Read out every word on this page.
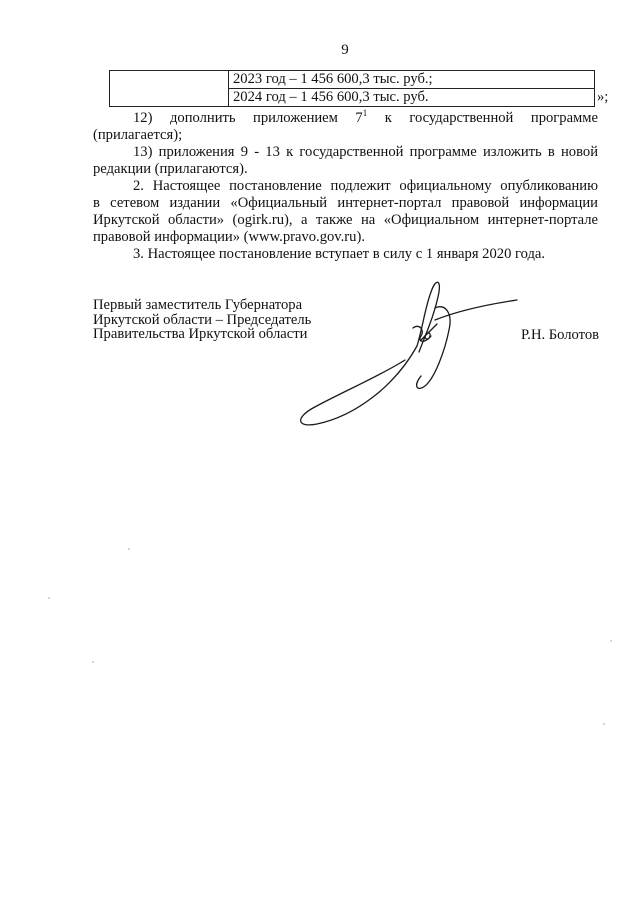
9
	2023 год – 1 456 600,3 тыс. руб.;
2024 год – 1 456 600,3 тыс. руб.	»;
12) дополнить приложением $7^1$ к государственной программе
(прилагается);
13) приложения 9 - 13 к государственной программе изложить в новой
редакции (прилагаются).
2. Настоящее постановление подлежит официальному опубликованию
в сетевом издании «Официальный интернет-портал правовой информации
Иркутской области» (ogirk.ru), а также на «Официальном интернет-портале
правовой информации» (www.pravo.gov.ru).
3. Настоящее постановление вступает в силу с 1 января 2020 года.
Первый заместитель Губернатора
Иркутской области – Председатель
Правительства Иркутской области	Р.Н. Болотов
